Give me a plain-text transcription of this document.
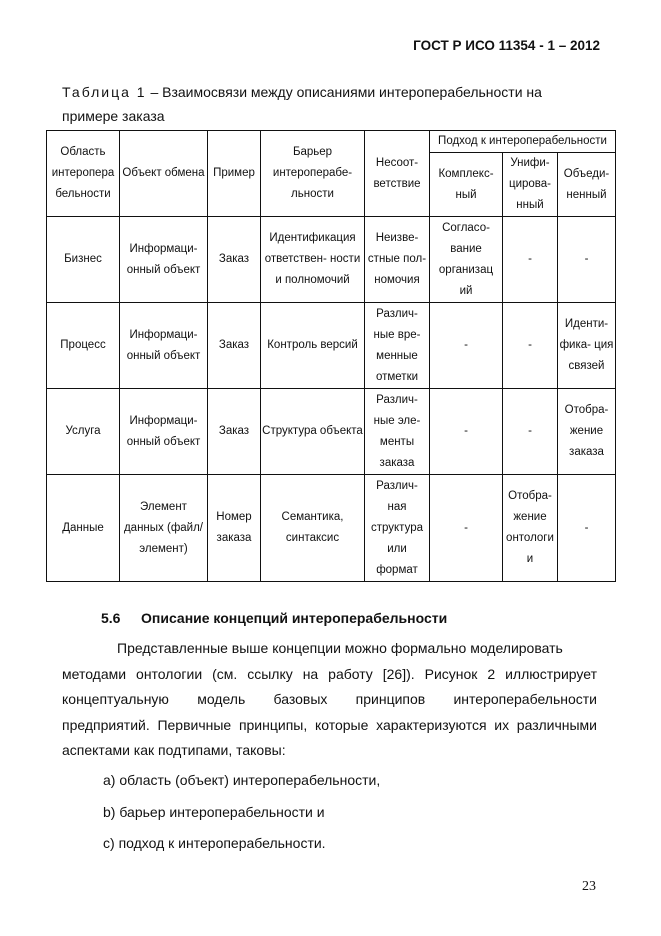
ГОСТ Р ИСО 11354 - 1 – 2012
Таблица 1 – Взаимосвязи между описаниями интероперабельности на
примере заказа
Область интеропера бельности	Объект обмена	Пример	Барьер интероперабе- льности	Несоот- ветствие	Подход к интероперабельности		
					Комплекс- ный	Унифи- цирова- нный	Объеди- ненный
Бизнес	Информаци- онный объект	Заказ	Идентификация ответствен- ности и полномочий	Неизве- стные пол- номочия	Согласо- вание организац ий	-	-
Процесс	Информаци- онный объект	Заказ	Контроль версий	Различ- ные вре- менные отметки	-	-	Иденти- фика- ция связей
Услуга	Информаци- онный объект	Заказ	Структура объекта	Различ- ные эле- менты заказа	-	-	Отобра- жение заказа
Данные	Элемент данных (файл/ элемент)	Номер заказа	Семантика, синтаксис	Различ- ная структура или формат	-	Отобра- жение онтологи и	-
5.6 Описание концепций интероперабельности
Представленные выше концепции можно формально моделировать
методами онтологии (см. ссылку на работу [26]). Рисунок 2 иллюстрирует
концептуальную модель базовых принципов интероперабельности
предприятий. Первичные принципы, которые характеризуются их различными
аспектами как подтипами, таковы:
а) область (объект) интероперабельности,
b) барьер интероперабельности и
с) подход к интероперабельности.
23
